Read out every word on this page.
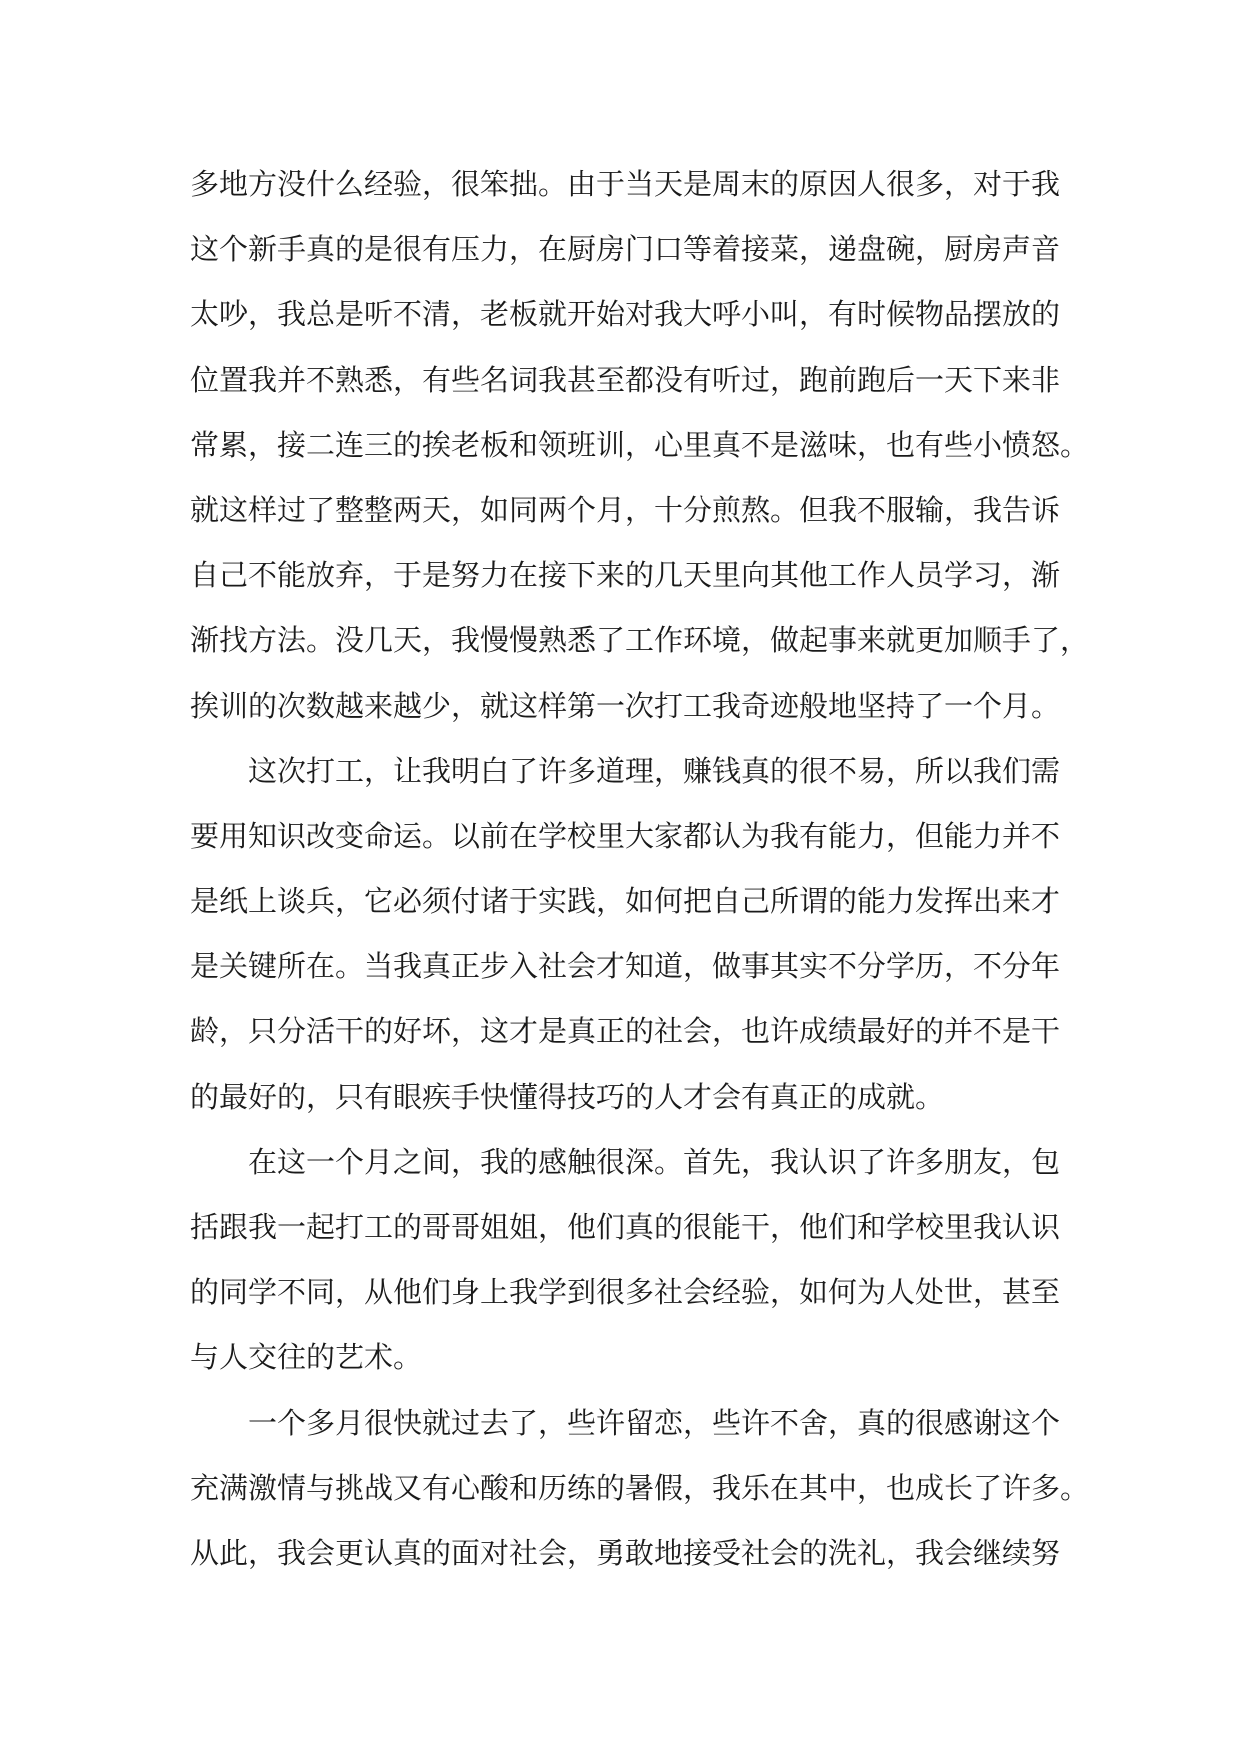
多地方没什么经验，很笨拙。由于当天是周末的原因人很多，对于我
这个新手真的是很有压力，在厨房门口等着接菜，递盘碗，厨房声音
太吵，我总是听不清，老板就开始对我大呼小叫，有时候物品摆放的
位置我并不熟悉，有些名词我甚至都没有听过，跑前跑后一天下来非
常累，接二连三的挨老板和领班训，心里真不是滋味，也有些小愤怒。
就这样过了整整两天，如同两个月，十分煎熬。但我不服输，我告诉
自己不能放弃，于是努力在接下来的几天里向其他工作人员学习，渐
渐找方法。没几天，我慢慢熟悉了工作环境，做起事来就更加顺手了，
挨训的次数越来越少，就这样第一次打工我奇迹般地坚持了一个月。
这次打工，让我明白了许多道理，赚钱真的很不易，所以我们需
要用知识改变命运。以前在学校里大家都认为我有能力，但能力并不
是纸上谈兵，它必须付诸于实践，如何把自己所谓的能力发挥出来才
是关键所在。当我真正步入社会才知道，做事其实不分学历，不分年
龄，只分活干的好坏，这才是真正的社会，也许成绩最好的并不是干
的最好的，只有眼疾手快懂得技巧的人才会有真正的成就。
在这一个月之间，我的感触很深。首先，我认识了许多朋友，包
括跟我一起打工的哥哥姐姐，他们真的很能干，他们和学校里我认识
的同学不同，从他们身上我学到很多社会经验，如何为人处世，甚至
与人交往的艺术。
一个多月很快就过去了，些许留恋，些许不舍，真的很感谢这个
充满激情与挑战又有心酸和历练的暑假，我乐在其中，也成长了许多。
从此，我会更认真的面对社会，勇敢地接受社会的洗礼，我会继续努
